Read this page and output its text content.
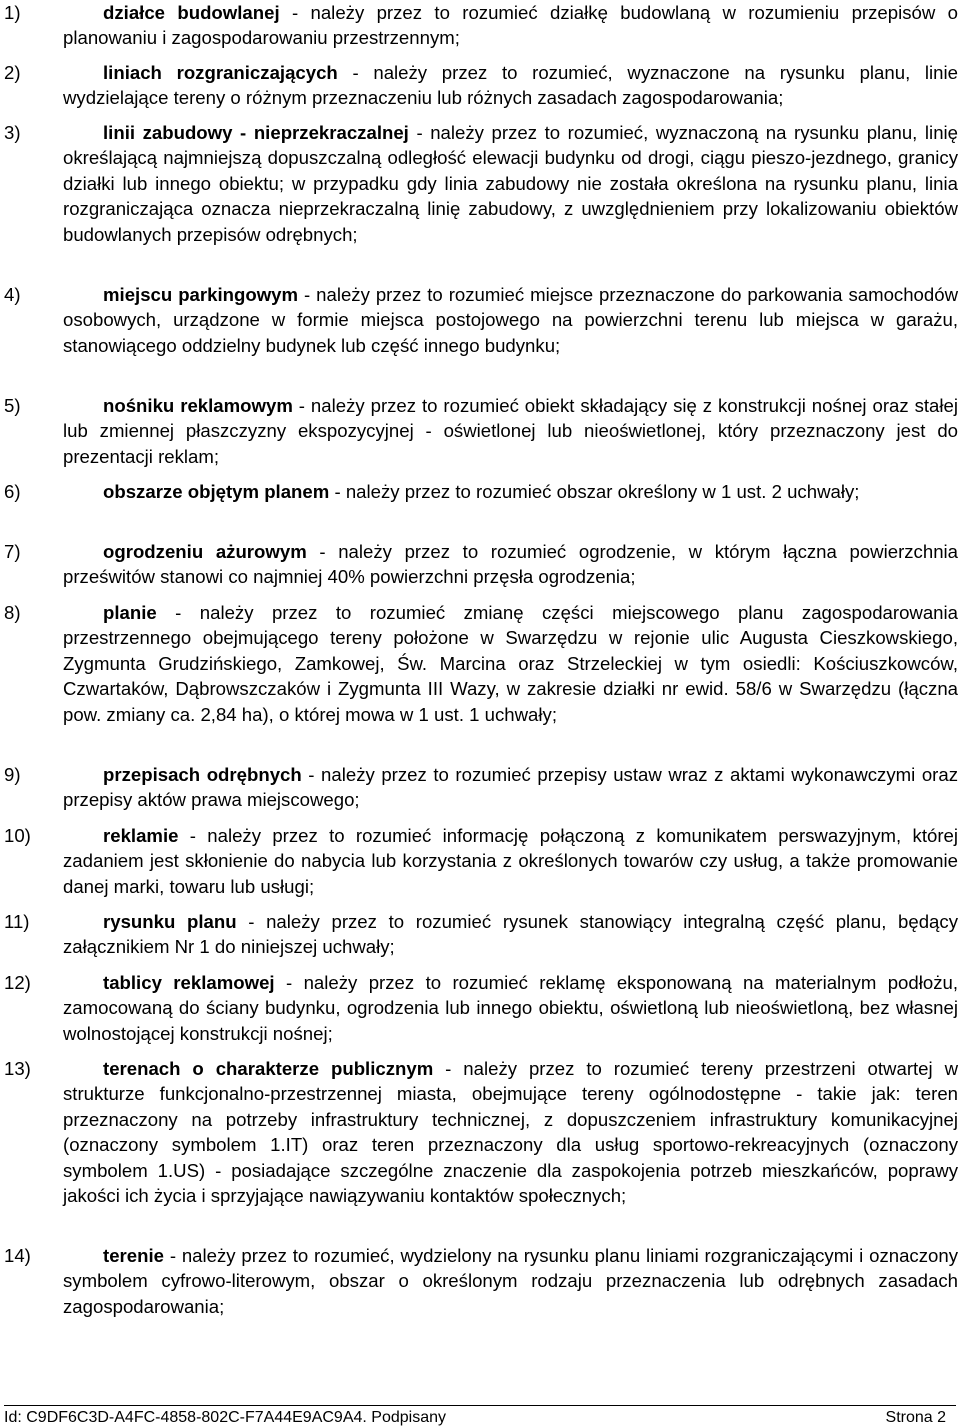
1)	działce budowlanej - należy przez to rozumieć działkę budowlaną w rozumieniu przepisów o planowaniu i zagospodarowaniu przestrzennym;
2)	liniach rozgraniczających - należy przez to rozumieć, wyznaczone na rysunku planu, linie wydzielające tereny o różnym przeznaczeniu lub różnych zasadach zagospodarowania;
3)	linii zabudowy - nieprzekraczalnej - należy przez to rozumieć, wyznaczoną na rysunku planu, linię określającą najmniejszą dopuszczalną odległość elewacji budynku od drogi, ciągu pieszo-jezdnego, granicy działki lub innego obiektu; w przypadku gdy linia zabudowy nie została określona na rysunku planu, linia rozgraniczająca oznacza nieprzekraczalną linię zabudowy, z uwzględnieniem przy lokalizowaniu obiektów budowlanych przepisów odrębnych;
4)	miejscu parkingowym - należy przez to rozumieć miejsce przeznaczone do parkowania samochodów osobowych, urządzone w formie miejsca postojowego na powierzchni terenu lub miejsca w garażu, stanowiącego oddzielny budynek lub część innego budynku;
5)	nośniku reklamowym - należy przez to rozumieć obiekt składający się z konstrukcji nośnej oraz stałej lub zmiennej płaszczyzny ekspozycyjnej - oświetlonej lub nieoświetlonej, który przeznaczony jest do prezentacji reklam;
6)	obszarze objętym planem - należy przez to rozumieć obszar określony w 1 ust. 2 uchwały;
7)	ogrodzeniu ażurowym - należy przez to rozumieć ogrodzenie, w którym łączna powierzchnia prześwitów stanowi co najmniej 40% powierzchni przęsła ogrodzenia;
8)	planie - należy przez to rozumieć zmianę części miejscowego planu zagospodarowania przestrzennego obejmującego tereny położone w Swarzędzu w rejonie ulic Augusta Cieszkowskiego, Zygmunta Grudzińskiego, Zamkowej, Św. Marcina oraz Strzeleckiej w tym osiedli: Kościuszkowców, Czwartaków, Dąbrowszczaków i Zygmunta III Wazy, w zakresie działki nr ewid. 58/6 w Swarzędzu (łączna pow. zmiany ca. 2,84 ha), o której mowa w 1 ust. 1 uchwały;
9)	przepisach odrębnych - należy przez to rozumieć przepisy ustaw wraz z aktami wykonawczymi oraz przepisy aktów prawa miejscowego;
10)	reklamie - należy przez to rozumieć informację połączoną z komunikatem perswazyjnym, której zadaniem jest skłonienie do nabycia lub korzystania z określonych towarów czy usług, a także promowanie danej marki, towaru lub usługi;
11)	rysunku planu - należy przez to rozumieć rysunek stanowiący integralną część planu, będący załącznikiem Nr 1 do niniejszej uchwały;
12)	tablicy reklamowej - należy przez to rozumieć reklamę eksponowaną na materialnym podłożu, zamocowaną do ściany budynku, ogrodzenia lub innego obiektu, oświetloną lub nieoświetloną, bez własnej wolnostojącej konstrukcji nośnej;
13)	terenach o charakterze publicznym - należy przez to rozumieć tereny przestrzeni otwartej w strukturze funkcjonalno-przestrzennej miasta, obejmujące tereny ogólnodostępne - takie jak: teren przeznaczony na potrzeby infrastruktury technicznej, z dopuszczeniem infrastruktury komunikacyjnej (oznaczony symbolem 1.IT) oraz teren przeznaczony dla usług sportowo-rekreacyjnych (oznaczony symbolem 1.US) - posiadające szczególne znaczenie dla zaspokojenia potrzeb mieszkańców, poprawy jakości ich życia i sprzyjające nawiązywaniu kontaktów społecznych;
14)	terenie - należy przez to rozumieć, wydzielony na rysunku planu liniami rozgraniczającymi i oznaczony symbolem cyfrowo-literowym, obszar o określonym rodzaju przeznaczenia lub odrębnych zasadach zagospodarowania;
Id: C9DF6C3D-A4FC-4858-802C-F7A44E9AC9A4. Podpisany	Strona 2
